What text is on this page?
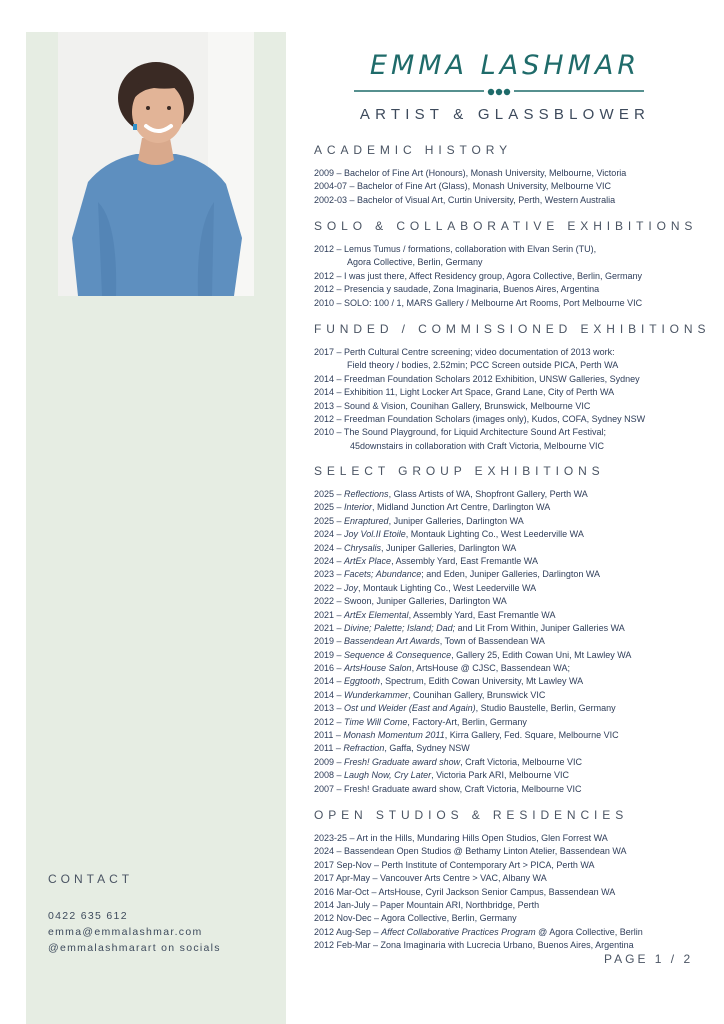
EMMA LASHMAR
ARTIST & GLASSBLOWER
ACADEMIC HISTORY
2009 – Bachelor of Fine Art (Honours), Monash University, Melbourne, Victoria
2004-07 – Bachelor of Fine Art (Glass), Monash University, Melbourne VIC
2002-03 – Bachelor of Visual Art, Curtin University, Perth, Western Australia
SOLO & COLLABORATIVE EXHIBITIONS
2012 – Lemus Tumus / formations, collaboration with Elvan Serin (TU),
Agora Collective, Berlin, Germany
2012 – I was just there, Affect Residency group, Agora Collective, Berlin, Germany
2012 – Presencia y saudade, Zona Imaginaria, Buenos Aires, Argentina
2010 – SOLO: 100 / 1, MARS Gallery / Melbourne Art Rooms, Port Melbourne VIC
FUNDED / COMMISSIONED EXHIBITIONS
2017 – Perth Cultural Centre screening; video documentation of 2013 work:
Field theory / bodies, 2.52min; PCC Screen outside PICA, Perth WA
2014 – Freedman Foundation Scholars 2012 Exhibition, UNSW Galleries, Sydney
2014 – Exhibition 11, Light Locker Art Space, Grand Lane, City of Perth WA
2013 – Sound & Vision, Counihan Gallery, Brunswick, Melbourne VIC
2012 – Freedman Foundation Scholars (images only), Kudos, COFA, Sydney NSW
2010 – The Sound Playground, for Liquid Architecture Sound Art Festival;
45downstairs in collaboration with Craft Victoria, Melbourne VIC
SELECT GROUP EXHIBITIONS
2025 – Reflections, Glass Artists of WA, Shopfront Gallery, Perth WA
2025 – Interior, Midland Junction Art Centre, Darlington WA
2025 – Enraptured, Juniper Galleries, Darlington WA
2024 – Joy Vol.II Etoile, Montauk Lighting Co., West Leederville WA
2024 – Chrysalis, Juniper Galleries, Darlington WA
2024 – ArtEx Place, Assembly Yard, East Fremantle WA
2023 – Facets; Abundance; and Eden, Juniper Galleries, Darlington WA
2022 – Joy, Montauk Lighting Co., West Leederville WA
2022 – Swoon, Juniper Galleries, Darlington WA
2021 – ArtEx Elemental, Assembly Yard, East Fremantle WA
2021 – Divine; Palette; Island; Dad; and Lit From Within, Juniper Galleries WA
2019 – Bassendean Art Awards, Town of Bassendean WA
2019 – Sequence & Consequence, Gallery 25, Edith Cowan Uni, Mt Lawley WA
2016 – ArtsHouse Salon, ArtsHouse @ CJSC, Bassendean WA;
2014 – Eggtooth, Spectrum, Edith Cowan University, Mt Lawley WA
2014 – Wunderkammer, Counihan Gallery, Brunswick VIC
2013 – Ost und Weider (East and Again), Studio Baustelle, Berlin, Germany
2012 – Time Will Come, Factory-Art, Berlin, Germany
2011 – Monash Momentum 2011, Kirra Gallery, Fed. Square, Melbourne VIC
2011 – Refraction, Gaffa, Sydney NSW
2009 – Fresh! Graduate award show, Craft Victoria, Melbourne VIC
2008 – Laugh Now, Cry Later, Victoria Park ARI, Melbourne VIC
2007 – Fresh! Graduate award show, Craft Victoria, Melbourne VIC
OPEN STUDIOS & RESIDENCIES
2023-25 – Art in the Hills, Mundaring Hills Open Studios, Glen Forrest WA
2024 – Bassendean Open Studios @ Bethamy Linton Atelier, Bassendean WA
2017 Sep-Nov – Perth Institute of Contemporary Art > PICA, Perth WA
2017 Apr-May – Vancouver Arts Centre > VAC, Albany WA
2016 Mar-Oct – ArtsHouse, Cyril Jackson Senior Campus, Bassendean WA
2014 Jan-July – Paper Mountain ARI, Northbridge, Perth
2012 Nov-Dec – Agora Collective, Berlin, Germany
2012 Aug-Sep – Affect Collaborative Practices Program @ Agora Collective, Berlin
2012 Feb-Mar – Zona Imaginaria with Lucrecia Urbano, Buenos Aires, Argentina
CONTACT
0422 635 612
emma@emmalashmar.com
@emmalashmarart on socials
PAGE 1 / 2
